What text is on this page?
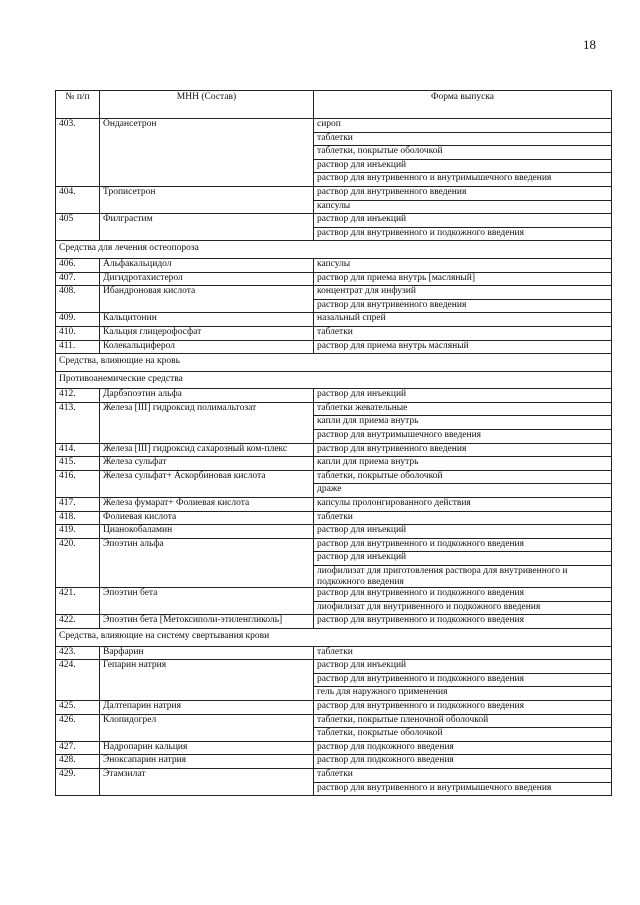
18
№ п/п	МНН (Состав)	Форма выпуска
403.	Ондансетрон	сироп
		таблетки
		таблетки, покрытые оболочкой
		раствор для инъекций
		раствор для внутривенного и внутримышечного введения
404.	Трописетрон	раствор для внутривенного введения
		капсулы
405	Филграстим	раствор для инъекций
		раствор для внутривенного и подкожного введения
Средства для лечения остеопороза		
406.	Альфакальцидол	капсулы
407.	Дигидротахистерол	раствор для приема внутрь [масляный]
408.	Ибандроновая кислота	концентрат для инфузий
		раствор для внутривенного введения
409.	Кальцитонин	назальный спрей
410.	Кальция глицерофосфат	таблетки
411.	Колекальциферол	раствор для приема внутрь масляный
Средства, влияющие на кровь		
Противоанемические средства		
412.	Дарбэпоэтин альфа	раствор для инъекций
413.	Железа [III] гидроксид полимальтозат	таблетки жевательные
		капли для приема внутрь
		раствор для внутримышечного введения
414.	Железа [III] гидроксид сахарозный ком-плекс	раствор для внутривенного введения
415.	Железа сульфат	капли для приема внутрь
416.	Железа сульфат+ Аскорбиновая кислота	таблетки, покрытые оболочкой
		драже
417.	Железа фумарат+ Фолиевая кислота	капсулы пролонгированного действия
418.	Фолиевая кислота	таблетки
419.	Цианокобаламин	раствор для инъекций
420.	Эпоэтин альфа	раствор для внутривенного и подкожного введения
		раствор для инъекций
		лиофилизат для приготовления раствора для внутривенного и подкожного введения
421.	Эпоэтин бета	раствор для внутривенного и подкожного введения
		лиофилизат для внутривенного и подкожного введения
422.	Эпоэтин бета [Метоксиполи-этиленгликоль]	раствор для внутривенного и подкожного введения
Средства, влияющие на систему свертывания крови		
423.	Варфарин	таблетки
424.	Гепарин натрия	раствор для инъекций
		раствор для внутривенного и подкожного введения
		гель для наружного применения
425.	Далтепарин натрия	раствор для внутривенного и подкожного введения
426.	Клопидогрел	таблетки, покрытые пленочной оболочкой
		таблетки, покрытые оболочкой
427.	Надропарин кальция	раствор для подкожного введения
428.	Эноксапарин натрия	раствор для подкожного введения
429.	Этамзилат	таблетки
		раствор для внутривенного и внутримышечного введения
